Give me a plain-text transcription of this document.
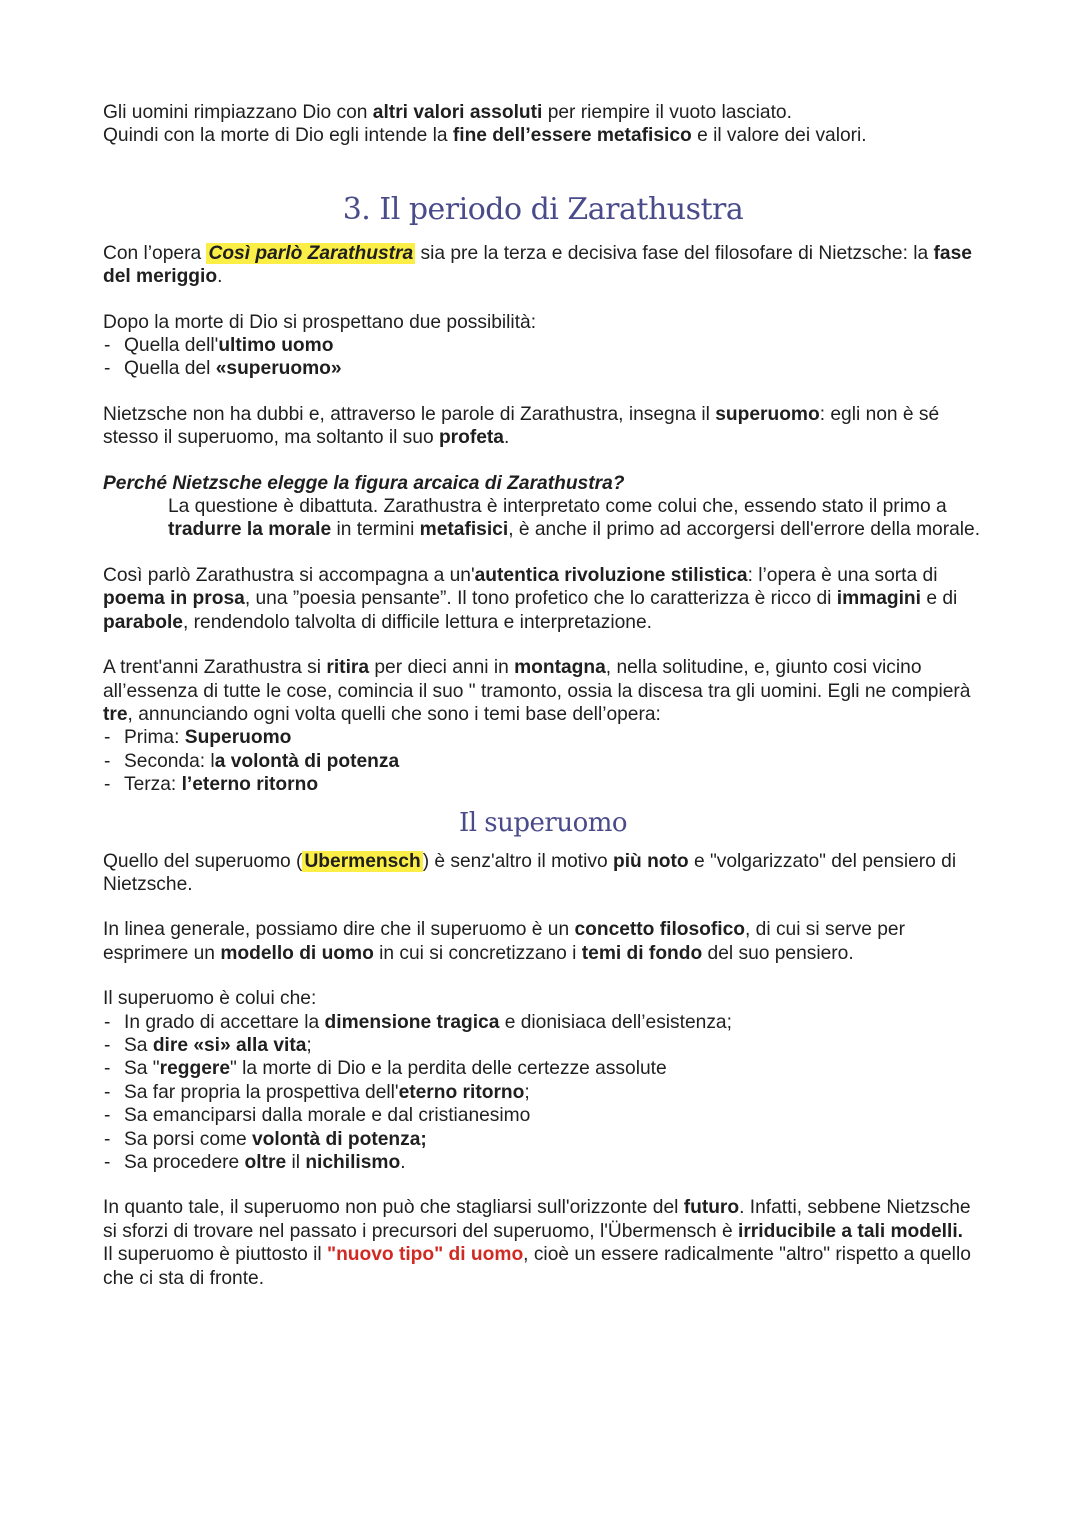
Gli uomini rimpiazzano Dio con altri valori assoluti per riempire il vuoto lasciato.

Quindi con la morte di Dio egli intende la fine dell’essere metafisico e il valore dei valori.

3. Il periodo di Zarathustra

Con l’opera Così parlò Zarathustra sia pre la terza e decisiva fase del filosofare di Nietzsche: la fase del meriggio.

Dopo la morte di Dio si prospettano due possibilità:

- Quella dell'ultimo uomo
- Quella del «superuomo»

Nietzsche non ha dubbi e, attraverso le parole di Zarathustra, insegna il superuomo: egli non è sé stesso il superuomo, ma soltanto il suo profeta.

Perché Nietzsche elegge la figura arcaica di Zarathustra?

La questione è dibattuta. Zarathustra è interpretato come colui che, essendo stato il primo a tradurre la morale in termini metafisici, è anche il primo ad accorgersi dell'errore della morale.

Così parlò Zarathustra si accompagna a un'autentica rivoluzione stilistica: l’opera è una sorta di poema in prosa, una ”poesia pensante”. Il tono profetico che lo caratterizza è ricco di immagini e di parabole, rendendolo talvolta di difficile lettura e interpretazione.

A trent'anni Zarathustra si ritira per dieci anni in montagna, nella solitudine, e, giunto cosi vicino all’essenza di tutte le cose, comincia il suo " tramonto, ossia la discesa tra gli uomini. Egli ne compierà tre, annunciando ogni volta quelli che sono i temi base dell’opera:

- Prima: Superuomo
- Seconda: la volontà di potenza
- Terza: l’eterno ritorno
Il superuomo

Quello del superuomo ( Ubermensch ) è senz'altro il motivo più noto e "volgarizzato" del pensiero di Nietzsche.

In linea generale, possiamo dire che il superuomo è un concetto filosofico, di cui si serve per esprimere un modello di uomo in cui si concretizzano i temi di fondo del suo pensiero.

Il superuomo è colui che:

- In grado di accettare la dimensione tragica e dionisiaca dell’esistenza;
- Sa dire «si» alla vita;
- Sa "reggere" la morte di Dio e la perdita delle certezze assolute
- Sa far propria la prospettiva dell'eterno ritorno;
- Sa emanciparsi dalla morale e dal cristianesimo
- Sa porsi come volontà di potenza;
- Sa procedere oltre il nichilismo.

In quanto tale, il superuomo non può che stagliarsi sull'orizzonte del futuro. Infatti, sebbene Nietzsche si sforzi di trovare nel passato i precursori del superuomo, l'Übermensch è irriducibile a tali modelli.

Il superuomo è piuttosto il "nuovo tipo" di uomo, cioè un essere radicalmente "altro" rispetto a quello che ci sta di fronte.
